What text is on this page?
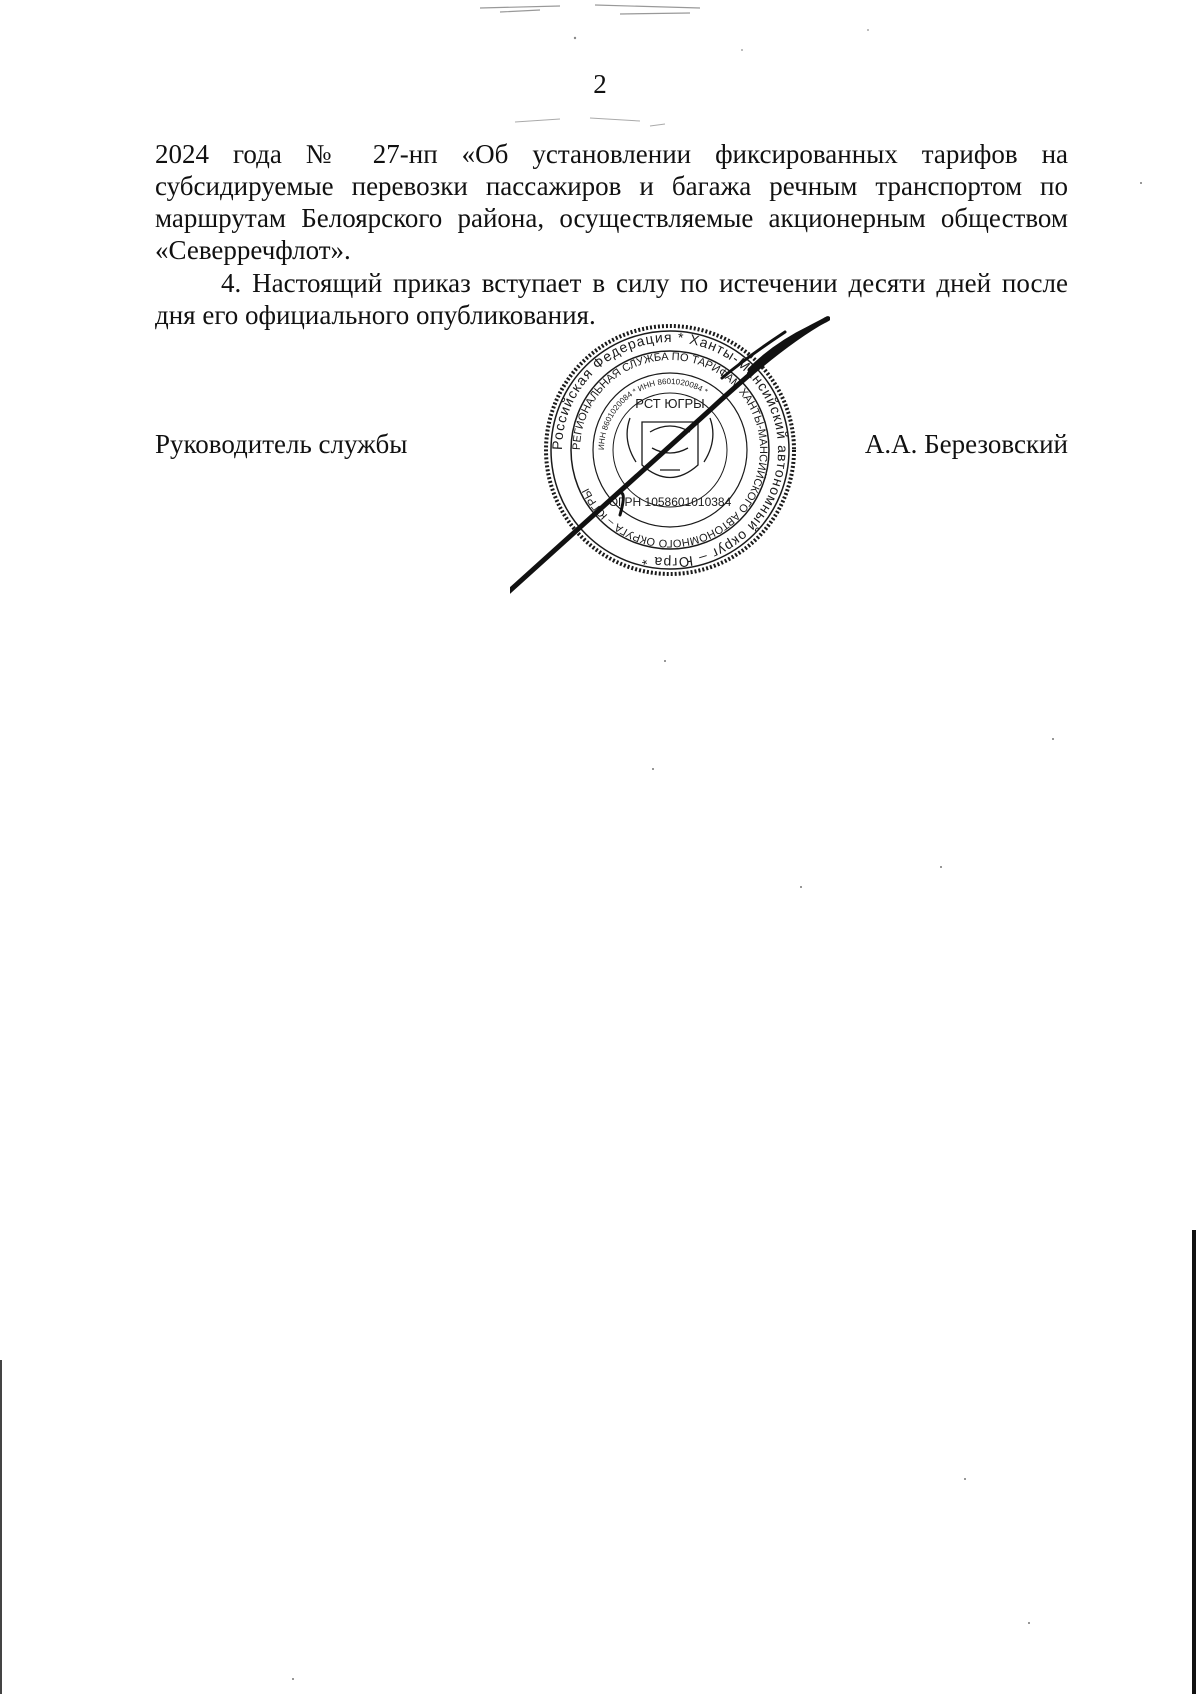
2

2024 года № 27-нп «Об установлении фиксированных тарифов на субсидируемые перевозки пассажиров и багажа речным транспортом по маршрутам Белоярского района, осуществляемые акционерным обществом «Северречфлот».

4. Настоящий приказ вступает в силу по истечении десяти дней после дня его официального опубликования.

Руководитель службы	А.А. Березовский
Российская Федерация * Ханты-Мансийский автономный округ – Югра *
РЕГИОНАЛЬНАЯ СЛУЖБА ПО ТАРИФАМ ХАНТЫ-МАНСИЙСКОГО АВТОНОМНОГО ОКРУГА – ЮГРЫ
ИНН 8601020084 * ИНН 8601020084 *
РСТ ЮГРЫ
ОГРН 1058601010384
